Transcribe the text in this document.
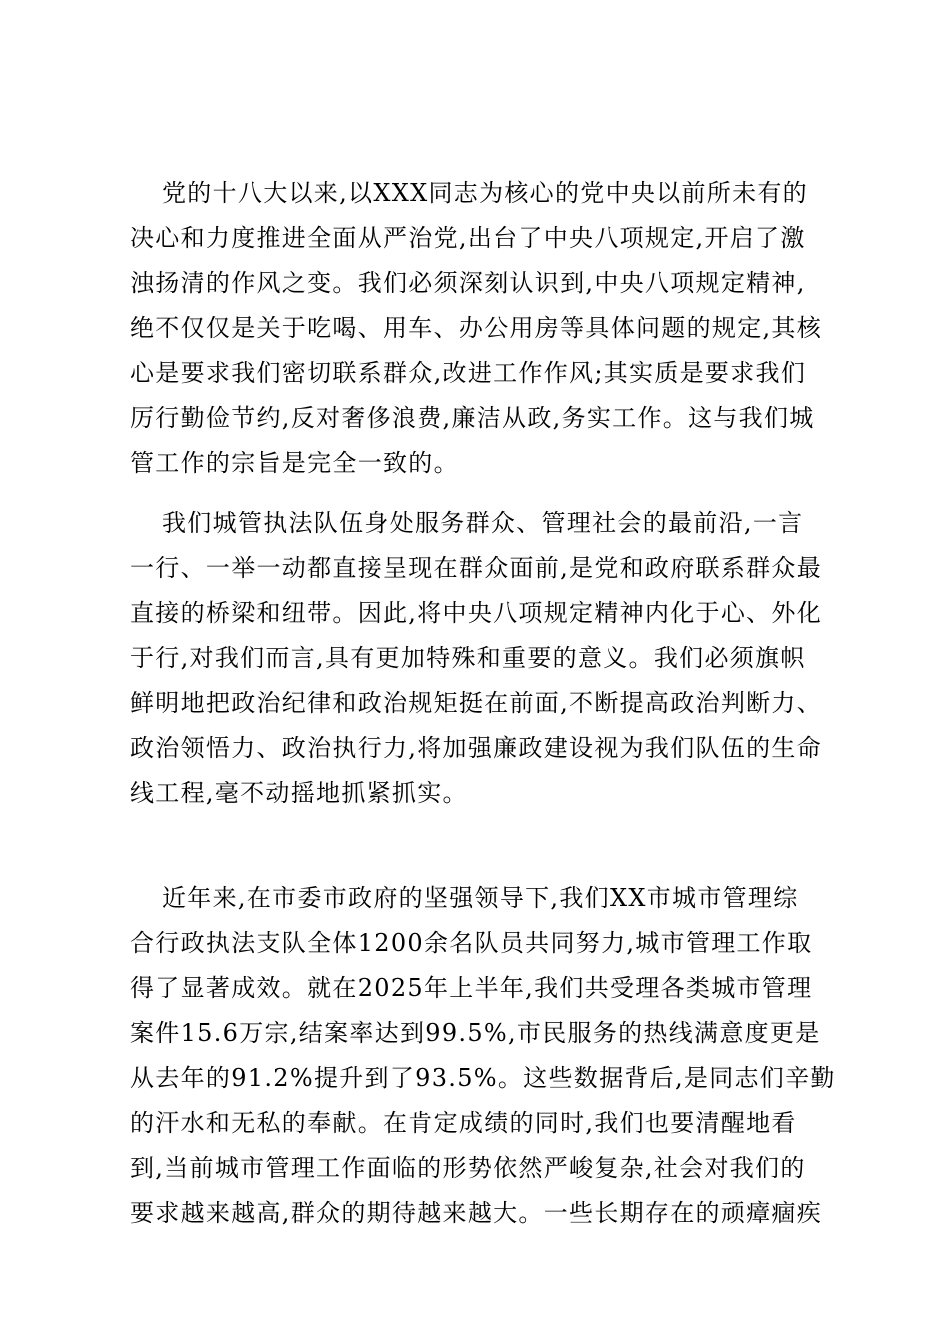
党的十八大以来,以XXX同志为核心的党中央以前所未有的
决心和力度推进全面从严治党,出台了中央八项规定,开启了激
浊扬清的作风之变。我们必须深刻认识到,中央八项规定精神,
绝不仅仅是关于吃喝、用车、办公用房等具体问题的规定,其核
心是要求我们密切联系群众,改进工作作风;其实质是要求我们
厉行勤俭节约,反对奢侈浪费,廉洁从政,务实工作。这与我们城
管工作的宗旨是完全一致的。
我们城管执法队伍身处服务群众、管理社会的最前沿,一言
一行、一举一动都直接呈现在群众面前,是党和政府联系群众最
直接的桥梁和纽带。因此,将中央八项规定精神内化于心、外化
于行,对我们而言,具有更加特殊和重要的意义。我们必须旗帜
鲜明地把政治纪律和政治规矩挺在前面,不断提高政治判断力、
政治领悟力、政治执行力,将加强廉政建设视为我们队伍的生命
线工程,毫不动摇地抓紧抓实。
近年来,在市委市政府的坚强领导下,我们XX市城市管理综
合行政执法支队全体1200余名队员共同努力,城市管理工作取
得了显著成效。就在2025年上半年,我们共受理各类城市管理
案件15.6万宗,结案率达到99.5%,市民服务的热线满意度更是
从去年的91.2%提升到了93.5%。这些数据背后,是同志们辛勤
的汗水和无私的奉献。在肯定成绩的同时,我们也要清醒地看
到,当前城市管理工作面临的形势依然严峻复杂,社会对我们的
要求越来越高,群众的期待越来越大。一些长期存在的顽瘴痼疾
